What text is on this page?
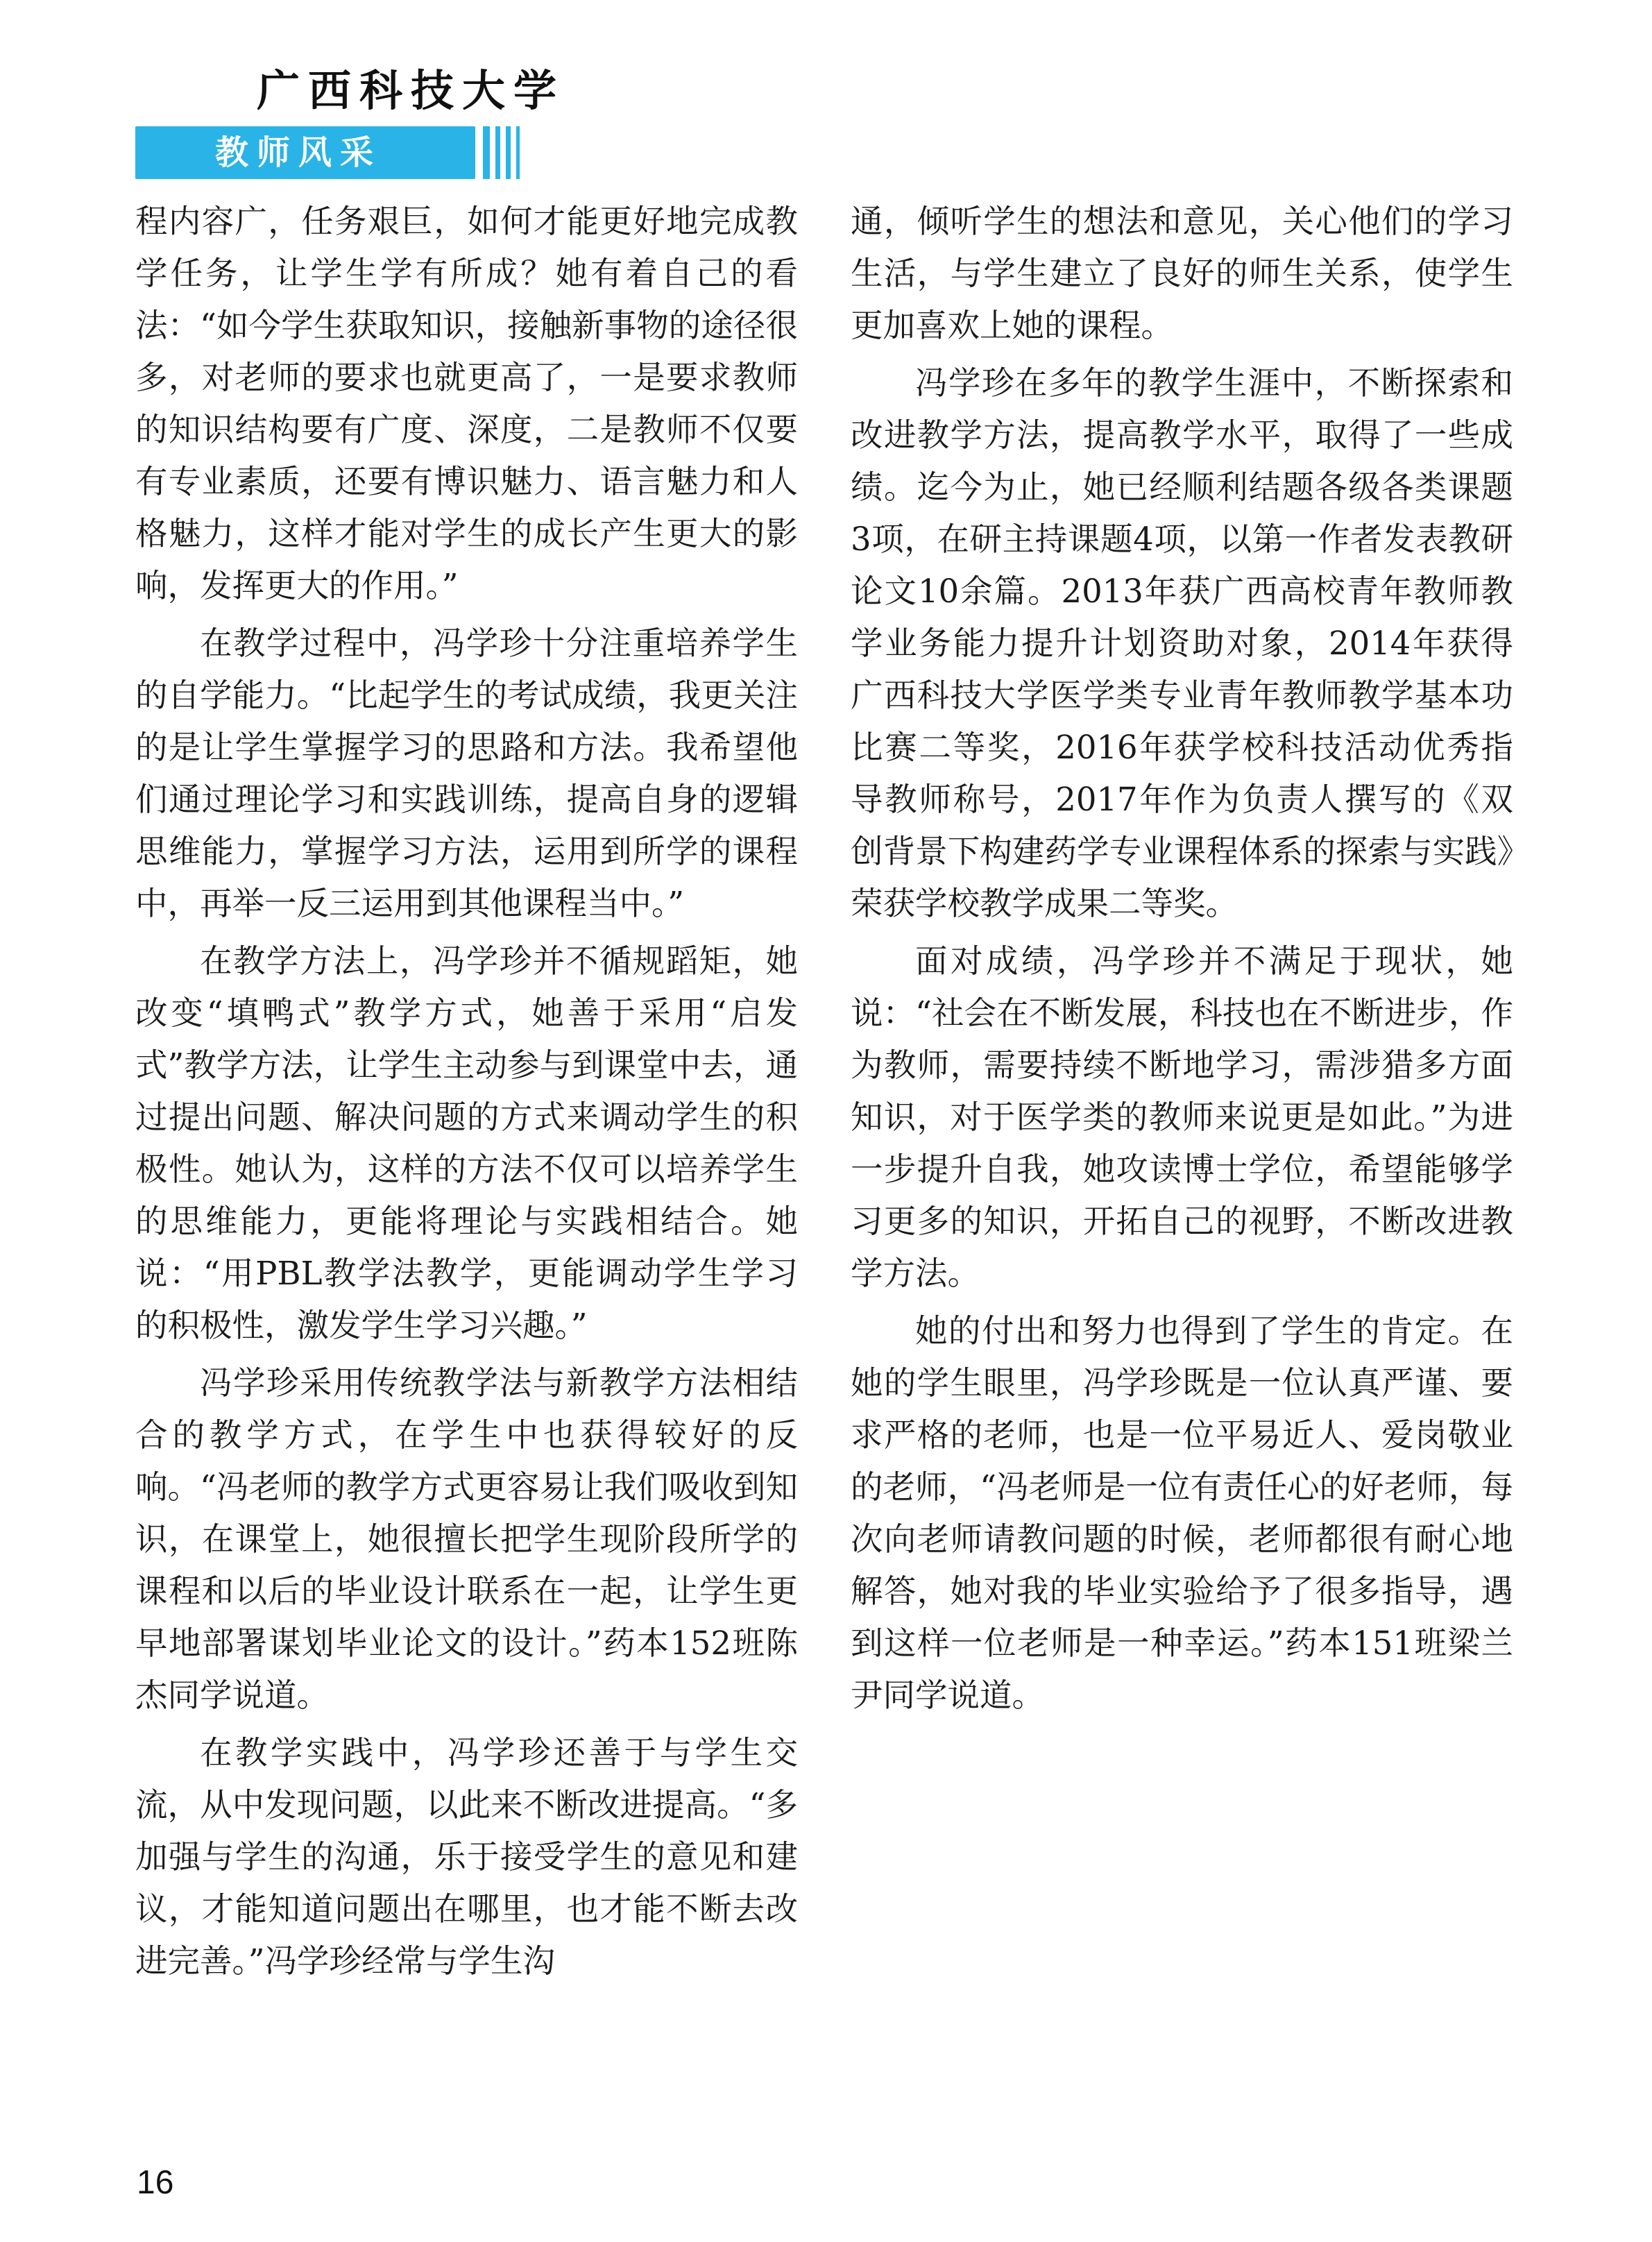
广西科技大学
教师风采

程内容广，任务艰巨，如何才能更好地完成教学任务，让学生学有所成？她有着自己的看法：“如今学生获取知识，接触新事物的途径很多，对老师的要求也就更高了，一是要求教师的知识结构要有广度、深度，二是教师不仅要有专业素质，还要有博识魅力、语言魅力和人格魅力，这样才能对学生的成长产生更大的影响，发挥更大的作用。”

在教学过程中，冯学珍十分注重培养学生的自学能力。“比起学生的考试成绩，我更关注的是让学生掌握学习的思路和方法。我希望他们通过理论学习和实践训练，提高自身的逻辑思维能力，掌握学习方法，运用到所学的课程中，再举一反三运用到其他课程当中。”

在教学方法上，冯学珍并不循规蹈矩，她改变“填鸭式”教学方式，她善于采用“启发式”教学方法，让学生主动参与到课堂中去，通过提出问题、解决问题的方式来调动学生的积极性。她认为，这样的方法不仅可以培养学生的思维能力，更能将理论与实践相结合。她说：“用PBL教学法教学，更能调动学生学习的积极性，激发学生学习兴趣。”

冯学珍采用传统教学法与新教学方法相结合的教学方式，在学生中也获得较好的反响。“冯老师的教学方式更容易让我们吸收到知识，在课堂上，她很擅长把学生现阶段所学的课程和以后的毕业设计联系在一起，让学生更早地部署谋划毕业论文的设计。”药本152班陈杰同学说道。

在教学实践中，冯学珍还善于与学生交流，从中发现问题，以此来不断改进提高。“多加强与学生的沟通，乐于接受学生的意见和建议，才能知道问题出在哪里，也才能不断去改进完善。”冯学珍经常与学生沟

通，倾听学生的想法和意见，关心他们的学习生活，与学生建立了良好的师生关系，使学生更加喜欢上她的课程。

冯学珍在多年的教学生涯中，不断探索和改进教学方法，提高教学水平，取得了一些成绩。迄今为止，她已经顺利结题各级各类课题3项，在研主持课题4项，以第一作者发表教研论文10余篇。2013年获广西高校青年教师教学业务能力提升计划资助对象，2014年获得广西科技大学医学类专业青年教师教学基本功比赛二等奖，2016年获学校科技活动优秀指导教师称号，2017年作为负责人撰写的《双创背景下构建药学专业课程体系的探索与实践》荣获学校教学成果二等奖。

面对成绩，冯学珍并不满足于现状，她说：“社会在不断发展，科技也在不断进步，作为教师，需要持续不断地学习，需涉猎多方面知识，对于医学类的教师来说更是如此。”为进一步提升自我，她攻读博士学位，希望能够学习更多的知识，开拓自己的视野，不断改进教学方法。

她的付出和努力也得到了学生的肯定。在她的学生眼里，冯学珍既是一位认真严谨、要求严格的老师，也是一位平易近人、爱岗敬业的老师，“冯老师是一位有责任心的好老师，每次向老师请教问题的时候，老师都很有耐心地解答，她对我的毕业实验给予了很多指导，遇到这样一位老师是一种幸运。”药本151班梁兰尹同学说道。

16
